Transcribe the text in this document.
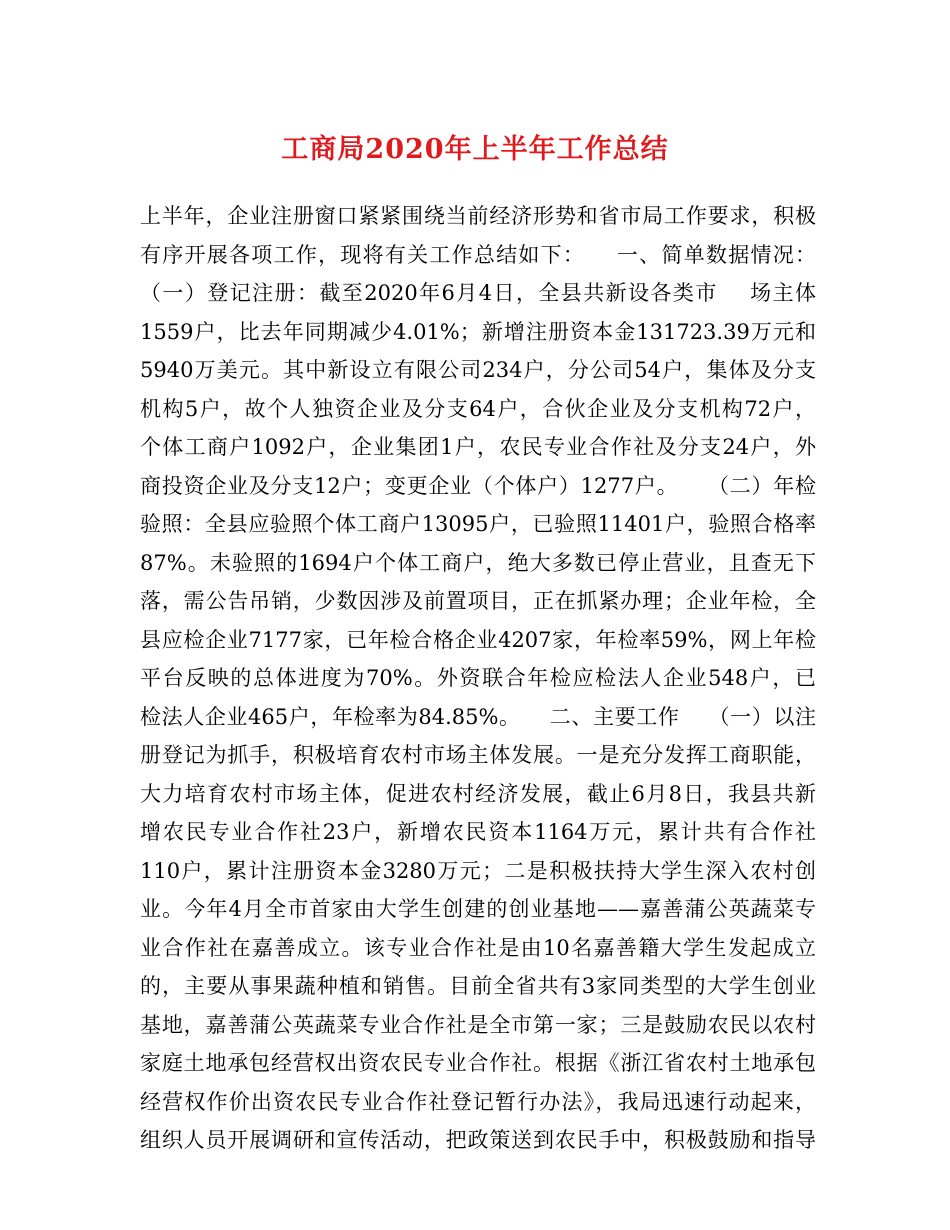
工商局2020年上半年工作总结
上半年，企业注册窗口紧紧围绕当前经济形势和省市局工作要求，积极
有序开展各项工作，现将有关工作总结如下：    一、简单数据情况：
（一）登记注册：截至2020年6月4日，全县共新设各类市    场主体
1559户，比去年同期减少4.01%；新增注册资本金131723.39万元和
5940万美元。其中新设立有限公司234户，分公司54户，集体及分支
机构5户，故个人独资企业及分支64户，合伙企业及分支机构72户，
个体工商户1092户，企业集团1户，农民专业合作社及分支24户，外
商投资企业及分支12户；变更企业（个体户）1277户。    （二）年检
验照：全县应验照个体工商户13095户，已验照11401户，验照合格率
87%。未验照的1694户个体工商户，绝大多数已停止营业，且查无下
落，需公告吊销，少数因涉及前置项目，正在抓紧办理；企业年检，全
县应检企业7177家，已年检合格企业4207家，年检率59%，网上年检
平台反映的总体进度为70%。外资联合年检应检法人企业548户，已
检法人企业465户，年检率为84.85%。    二、主要工作    （一）以注
册登记为抓手，积极培育农村市场主体发展。一是充分发挥工商职能，
大力培育农村市场主体，促进农村经济发展，截止6月8日，我县共新
增农民专业合作社23户，新增农民资本1164万元，累计共有合作社
110户，累计注册资本金3280万元；二是积极扶持大学生深入农村创
业。今年4月全市首家由大学生创建的创业基地——嘉善蒲公英蔬菜专
业合作社在嘉善成立。该专业合作社是由10名嘉善籍大学生发起成立
的，主要从事果蔬种植和销售。目前全省共有3家同类型的大学生创业
基地，嘉善蒲公英蔬菜专业合作社是全市第一家；三是鼓励农民以农村
家庭土地承包经营权出资农民专业合作社。根据《浙江省农村土地承包
经营权作价出资农民专业合作社登记暂行办法》，我局迅速行动起来，
组织人员开展调研和宣传活动，把政策送到农民手中，积极鼓励和指导
